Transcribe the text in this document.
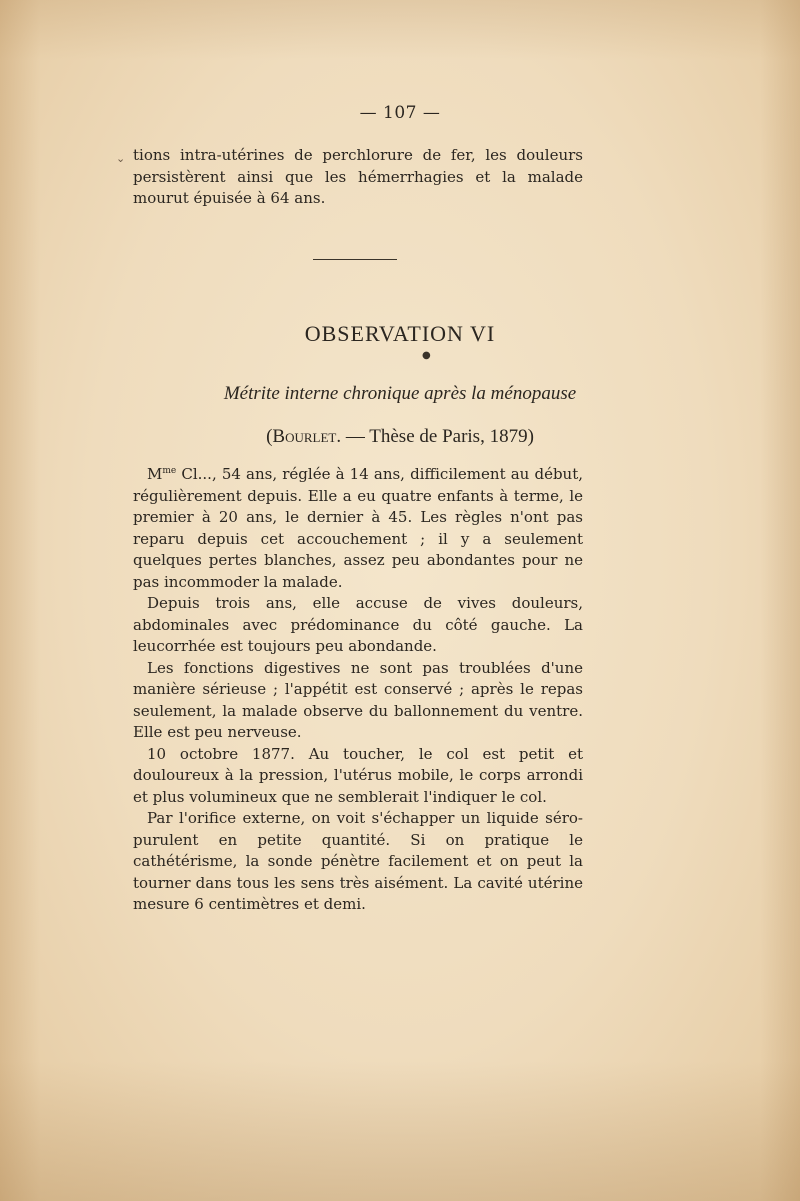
— 107 —
⌄ tions intra-utérines de perchlorure de fer, les douleurs persistèrent ainsi que les hémerrhagies et la malade mourut épuisée à 64 ans.

OBSERVATION VI
●
Métrite interne chronique après la ménopause
(Bourlet. — Thèse de Paris, 1879)

$M^{me}$ Cl..., 54 ans, réglée à 14 ans, difficilement au début, régulièrement depuis. Elle a eu quatre enfants à terme, le premier à 20 ans, le dernier à 45. Les règles n'ont pas reparu depuis cet accouchement ; il y a seulement quelques pertes blanches, assez peu abondantes pour ne pas incommoder la malade.

Depuis trois ans, elle accuse de vives douleurs, abdominales avec prédominance du côté gauche. La leucorrhée est toujours peu abondande.

Les fonctions digestives ne sont pas troublées d'une manière sérieuse ; l'appétit est conservé ; après le repas seulement, la malade observe du ballonnement du ventre. Elle est peu nerveuse.

10 octobre 1877. Au toucher, le col est petit et douloureux à la pression, l'utérus mobile, le corps arrondi et plus volumineux que ne semblerait l'indiquer le col.

Par l'orifice externe, on voit s'échapper un liquide séro-purulent en petite quantité. Si on pratique le cathétérisme, la sonde pénètre facilement et on peut la tourner dans tous les sens très aisément. La cavité utérine mesure 6 centimètres et demi.
